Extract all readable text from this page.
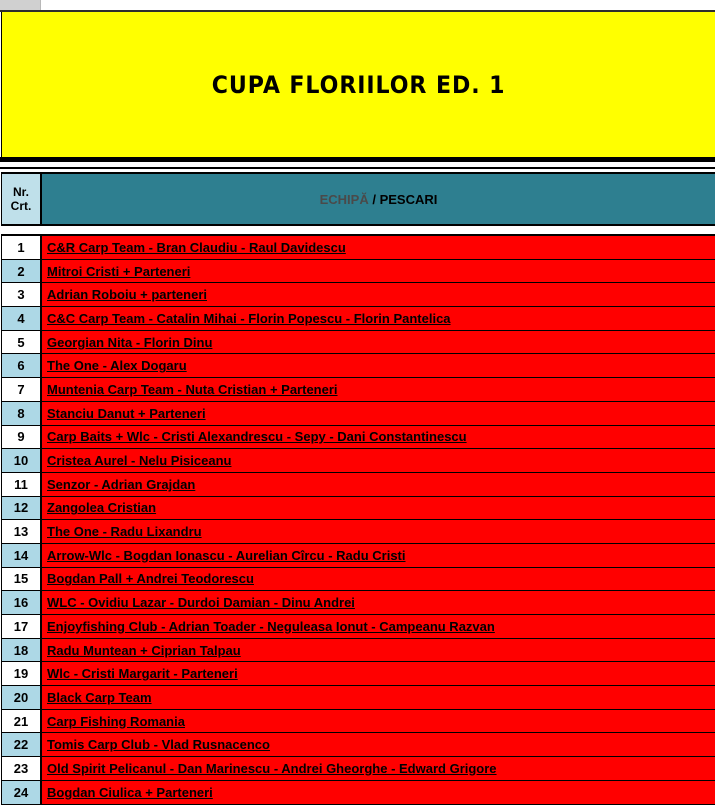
CUPA FLORIILOR ED. 1
Nr. Crt.	ECHIPĂ / PESCARI
1	C&R Carp Team - Bran Claudiu - Raul Davidescu
2	Mitroi Cristi + Parteneri
3	Adrian Roboiu + parteneri
4	C&C Carp Team - Catalin Mihai - Florin Popescu - Florin Pantelica
5	Georgian Nita - Florin Dinu
6	The One - Alex Dogaru
7	Muntenia Carp Team - Nuta Cristian + Parteneri
8	Stanciu Danut + Parteneri
9	Carp Baits + Wlc - Cristi Alexandrescu - Sepy - Dani Constantinescu
10	Cristea Aurel - Nelu Pisiceanu
11	Senzor - Adrian Grajdan
12	Zangolea Cristian
13	The One - Radu Lixandru
14	Arrow-Wlc - Bogdan Ionascu - Aurelian Cîrcu - Radu Cristi
15	Bogdan Pall + Andrei Teodorescu
16	WLC - Ovidiu Lazar - Durdoi Damian - Dinu Andrei
17	Enjoyfishing Club - Adrian Toader - Neguleasa Ionut - Campeanu Razvan
18	Radu Muntean + Ciprian Talpau
19	Wlc - Cristi Margarit - Parteneri
20	Black Carp Team
21	Carp Fishing Romania
22	Tomis Carp Club - Vlad Rusnacenco
23	Old Spirit Pelicanul - Dan Marinescu - Andrei Gheorghe - Edward Grigore
24	Bogdan Ciulica + Parteneri
